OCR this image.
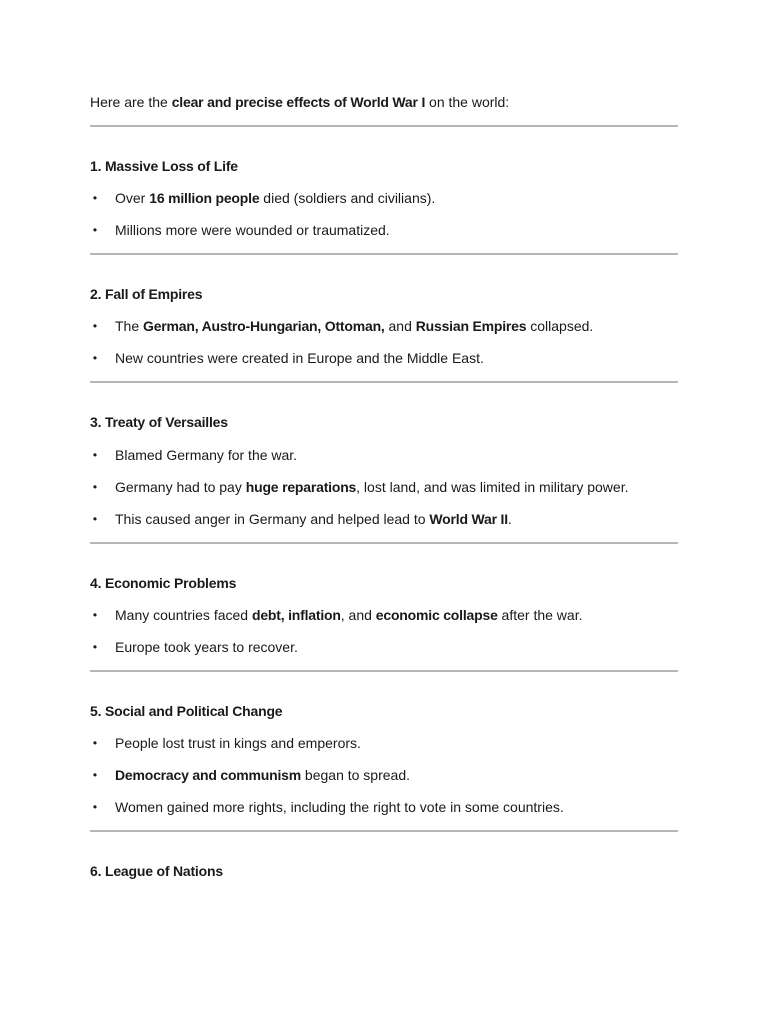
Here are the clear and precise effects of World War I on the world:
1. Massive Loss of Life
• Over 16 million people died (soldiers and civilians).
• Millions more were wounded or traumatized.
2. Fall of Empires
• The German, Austro-Hungarian, Ottoman, and Russian Empires collapsed.
• New countries were created in Europe and the Middle East.
3. Treaty of Versailles
• Blamed Germany for the war.
• Germany had to pay huge reparations, lost land, and was limited in military power.
• This caused anger in Germany and helped lead to World War II.
4. Economic Problems
• Many countries faced debt, inflation, and economic collapse after the war.
• Europe took years to recover.
5. Social and Political Change
• People lost trust in kings and emperors.
• Democracy and communism began to spread.
• Women gained more rights, including the right to vote in some countries.
6. League of Nations
